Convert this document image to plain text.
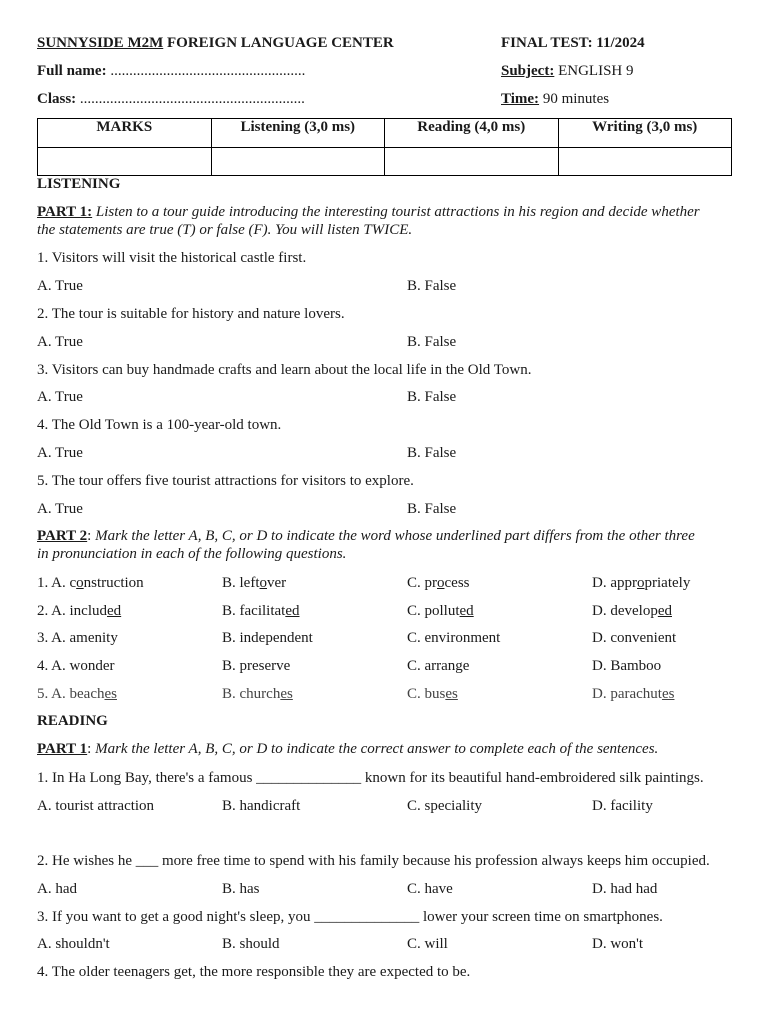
SUNNYSIDE M2M FOREIGN LANGUAGE CENTER	FINAL TEST: 11/2024
Full name: ....................................................	Subject: ENGLISH 9
Class: ............................................................	Time: 90 minutes
MARKS	Listening (3,0 ms)	Reading (4,0 ms)	Writing (3,0 ms)

LISTENING
PART 1: Listen to a tour guide introducing the interesting tourist attractions in his region and decide whether
the statements are true (T) or false (F). You will listen TWICE.
1. Visitors will visit the historical castle first.
A. True	B. False
2. The tour is suitable for history and nature lovers.
A. True	B. False
3. Visitors can buy handmade crafts and learn about the local life in the Old Town.
A. True	B. False
4. The Old Town is a 100-year-old town.
A. True	B. False
5. The tour offers five tourist attractions for visitors to explore.
A. True	B. False
PART 2: Mark the letter A, B, C, or D to indicate the word whose underlined part differs from the other three
in pronunciation in each of the following questions.
1. A. construction	B. leftover	C. process	D. appropriately
2. A. included	B. facilitated	C. polluted	D. developed
3. A. amenity	B. independent	C. environment	D. convenient
4. A. wonder	B. preserve	C. arrange	D. Bamboo
5. A. beaches	B. churches	C. buses	D. parachutes
READING
PART 1: Mark the letter A, B, C, or D to indicate the correct answer to complete each of the sentences.
1. In Ha Long Bay, there's a famous ______________ known for its beautiful hand-embroidered silk paintings.
A. tourist attraction	B. handicraft	C. speciality	D. facility
2. He wishes he ___ more free time to spend with his family because his profession always keeps him occupied.
A. had	B. has	C. have	D. had had
3. If you want to get a good night's sleep, you ______________ lower your screen time on smartphones.
A. shouldn't	B. should	C. will	D. won't
4. The older teenagers get, the more responsible they are expected to be.
